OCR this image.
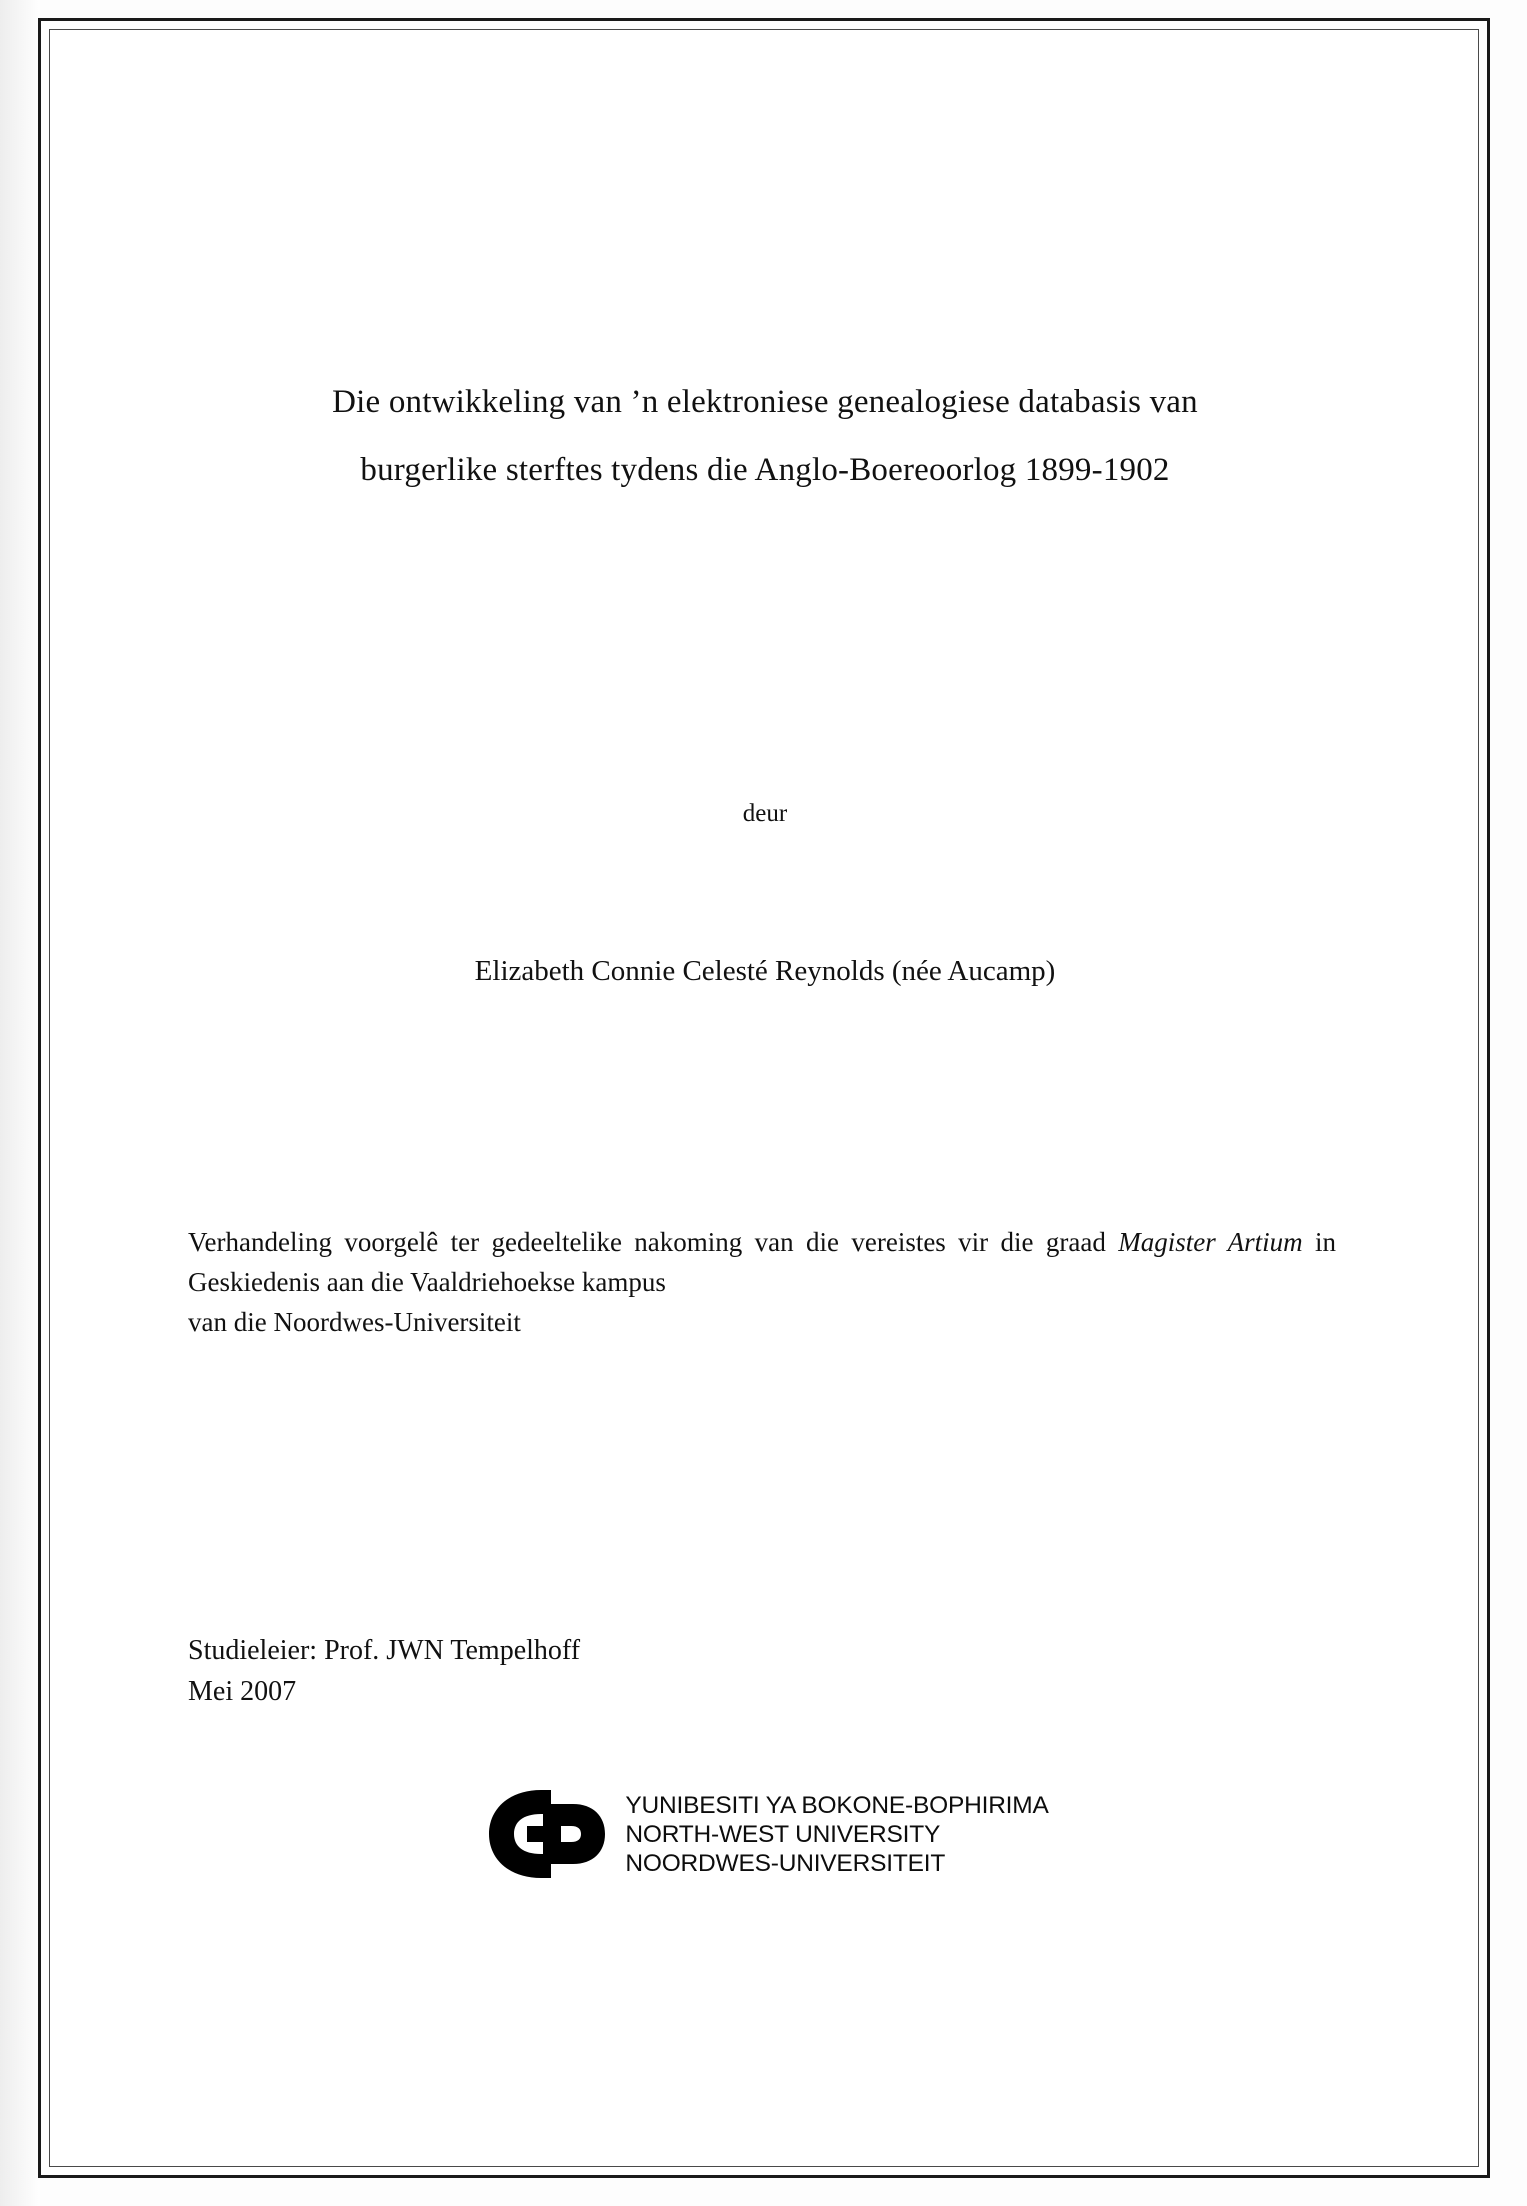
Die ontwikkeling van ’n elektroniese genealogiese databasis van
burgerlike sterftes tydens die Anglo-Boereoorlog 1899-1902
deur
Elizabeth Connie Celesté Reynolds (née Aucamp)
Verhandeling voorgelê ter gedeeltelike nakoming van die vereistes vir die graad Magister Artium in Geskiedenis aan die Vaaldriehoekse kampus
van die Noordwes-Universiteit
Studieleier: Prof. JWN Tempelhoff
Mei 2007
YUNIBESITI YA BOKONE-BOPHIRIMA
NORTH-WEST UNIVERSITY
NOORDWES-UNIVERSITEIT
